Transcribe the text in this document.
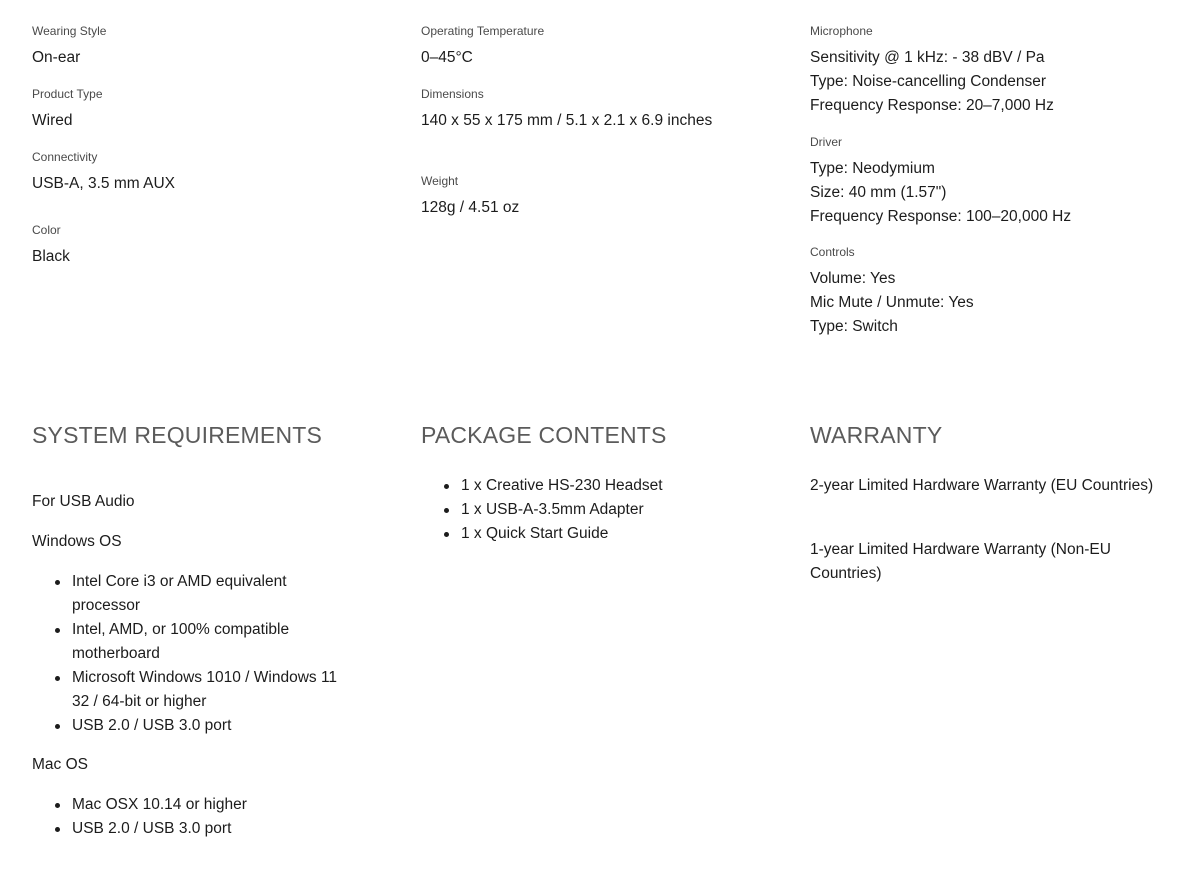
Wearing Style
On-ear
Product Type
Wired
Connectivity
USB-A, 3.5 mm AUX
Color
Black
SYSTEM REQUIREMENTS
For USB Audio
Windows OS
Intel Core i3 or AMD equivalent processor
Intel, AMD, or 100% compatible motherboard
Microsoft Windows 1010 / Windows 11 32 / 64-bit or higher
USB 2.0 / USB 3.0 port
Mac OS
Mac OSX 10.14 or higher
USB 2.0 / USB 3.0 port
Operating Temperature
0–45°C
Dimensions
140 x 55 x 175 mm / 5.1 x 2.1 x 6.9 inches
Weight
128g / 4.51 oz
PACKAGE CONTENTS
1 x Creative HS-230 Headset
1 x USB-A-3.5mm Adapter
1 x Quick Start Guide
Microphone
Sensitivity @ 1 kHz: - 38 dBV / Pa
Type: Noise-cancelling Condenser
Frequency Response: 20–7,000 Hz
Driver
Type: Neodymium
Size: 40 mm (1.57")
Frequency Response: 100–20,000 Hz
Controls
Volume: Yes
Mic Mute / Unmute: Yes
Type: Switch
WARRANTY
2-year Limited Hardware Warranty (EU Countries)
1-year Limited Hardware Warranty (Non-EU Countries)
